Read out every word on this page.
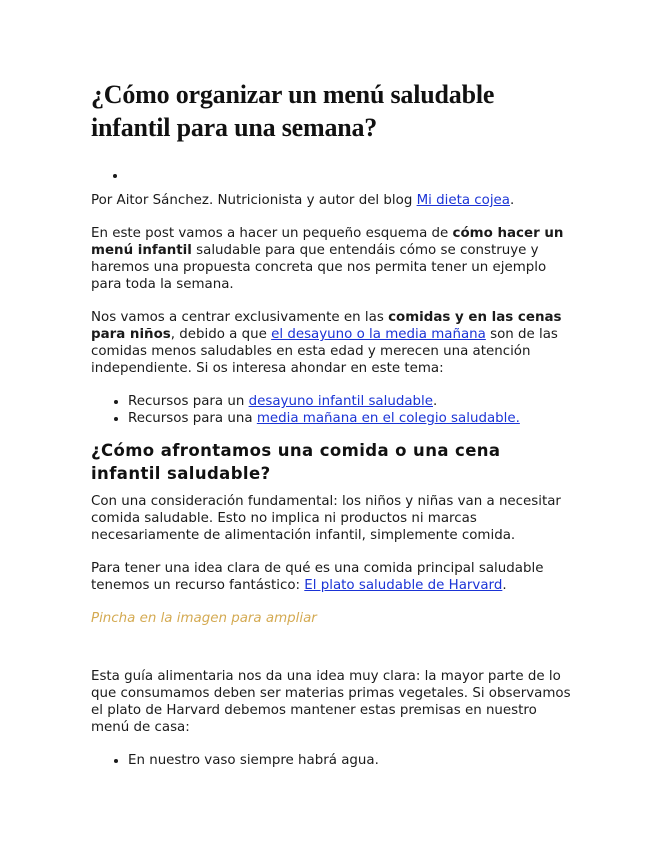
¿Cómo organizar un menú saludable infantil para una semana?
•

Por Aitor Sánchez. Nutricionista y autor del blog Mi dieta cojea.

En este post vamos a hacer un pequeño esquema de cómo hacer un menú infantil saludable para que entendáis cómo se construye y haremos una propuesta concreta que nos permita tener un ejemplo para toda la semana.

Nos vamos a centrar exclusivamente en las comidas y en las cenas para niños, debido a que el desayuno o la media mañana son de las comidas menos saludables en esta edad y merecen una atención independiente. Si os interesa ahondar en este tema:

• Recursos para un desayuno infantil saludable.
• Recursos para una media mañana en el colegio saludable.
¿Cómo afrontamos una comida o una cena infantil saludable?

Con una consideración fundamental: los niños y niñas van a necesitar comida saludable. Esto no implica ni productos ni marcas necesariamente de alimentación infantil, simplemente comida.

Para tener una idea clara de qué es una comida principal saludable tenemos un recurso fantástico: El plato saludable de Harvard.

Pincha en la imagen para ampliar

Esta guía alimentaria nos da una idea muy clara: la mayor parte de lo que consumamos deben ser materias primas vegetales. Si observamos el plato de Harvard debemos mantener estas premisas en nuestro menú de casa:

• En nuestro vaso siempre habrá agua.
